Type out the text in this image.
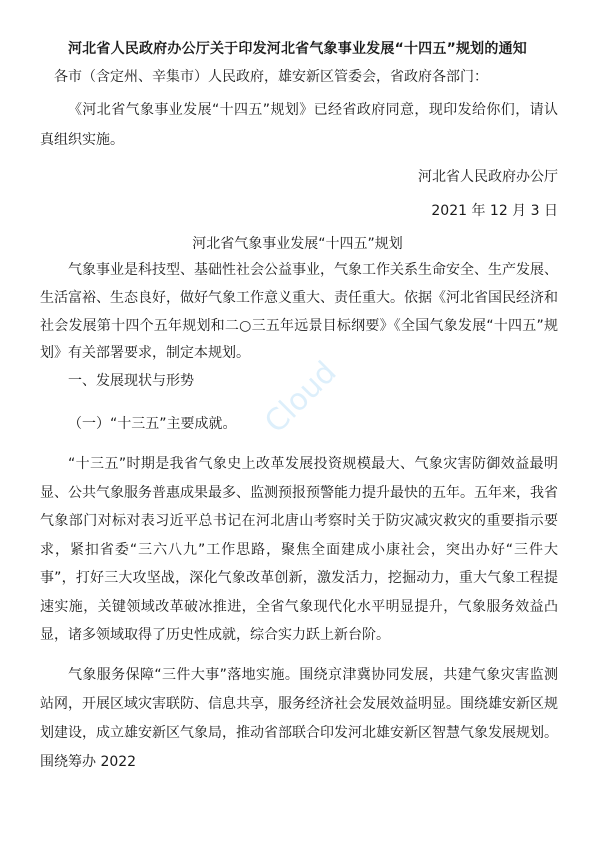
河北省人民政府办公厅关于印发河北省气象事业发展“十四五”规划的通知
各市（含定州、辛集市）人民政府，雄安新区管委会，省政府各部门：
《河北省气象事业发展“十四五”规划》已经省政府同意，现印发给你们，请认真组织实施。
河北省人民政府办公厅
2021 年 12 月 3 日
河北省气象事业发展“十四五”规划
气象事业是科技型、基础性社会公益事业，气象工作关系生命安全、生产发展、生活富裕、生态良好，做好气象工作意义重大、责任重大。依据《河北省国民经济和社会发展第十四个五年规划和二○三五年远景目标纲要》《全国气象发展“十四五”规划》有关部署要求，制定本规划。
一、发展现状与形势
（一）“十三五”主要成就。
“十三五”时期是我省气象史上改革发展投资规模最大、气象灾害防御效益最明显、公共气象服务普惠成果最多、监测预报预警能力提升最快的五年。五年来，我省气象部门对标对表习近平总书记在河北唐山考察时关于防灾减灾救灾的重要指示要求，紧扣省委“三六八九”工作思路，聚焦全面建成小康社会，突出办好“三件大事”，打好三大攻坚战，深化气象改革创新，激发活力，挖掘动力，重大气象工程提速实施，关键领域改革破冰推进，全省气象现代化水平明显提升，气象服务效益凸显，诸多领域取得了历史性成就，综合实力跃上新台阶。
气象服务保障“三件大事”落地实施。围绕京津冀协同发展，共建气象灾害监测站网，开展区域灾害联防、信息共享，服务经济社会发展效益明显。围绕雄安新区规划建设，成立雄安新区气象局，推动省部联合印发河北雄安新区智慧气象发展规划。围绕筹办 2022
Cloud
